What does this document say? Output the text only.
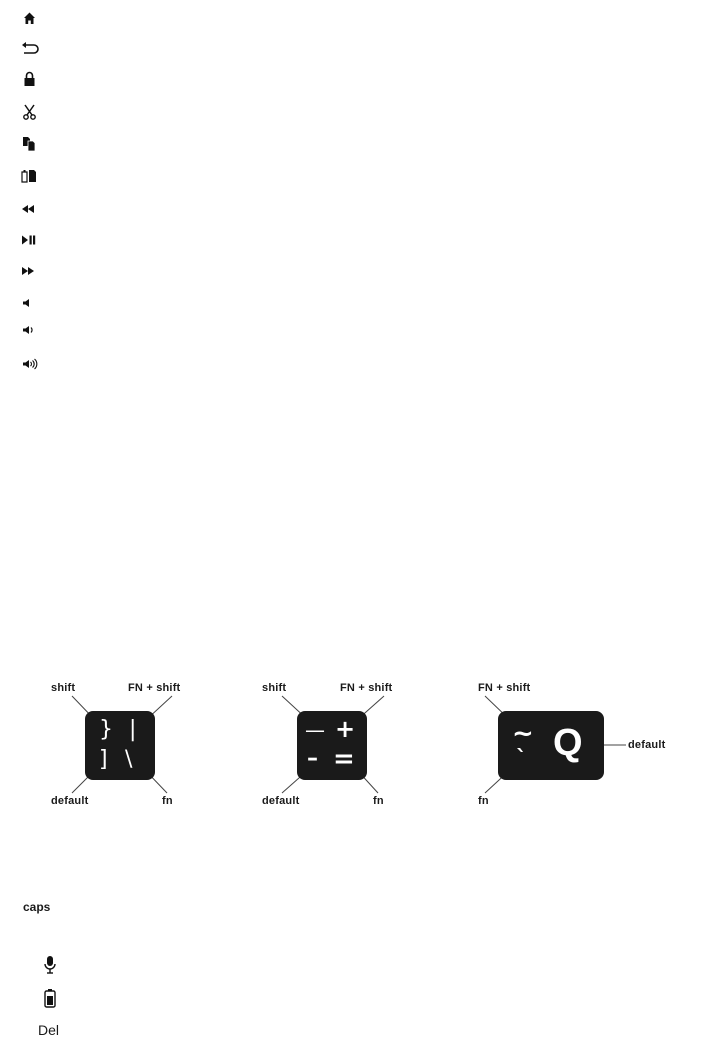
} |
] \
shift	FN + shift
default	fn
— +
– =
shift	FN + shift
default	fn
~
` Q
FN + shift
fn
default
caps
Del
